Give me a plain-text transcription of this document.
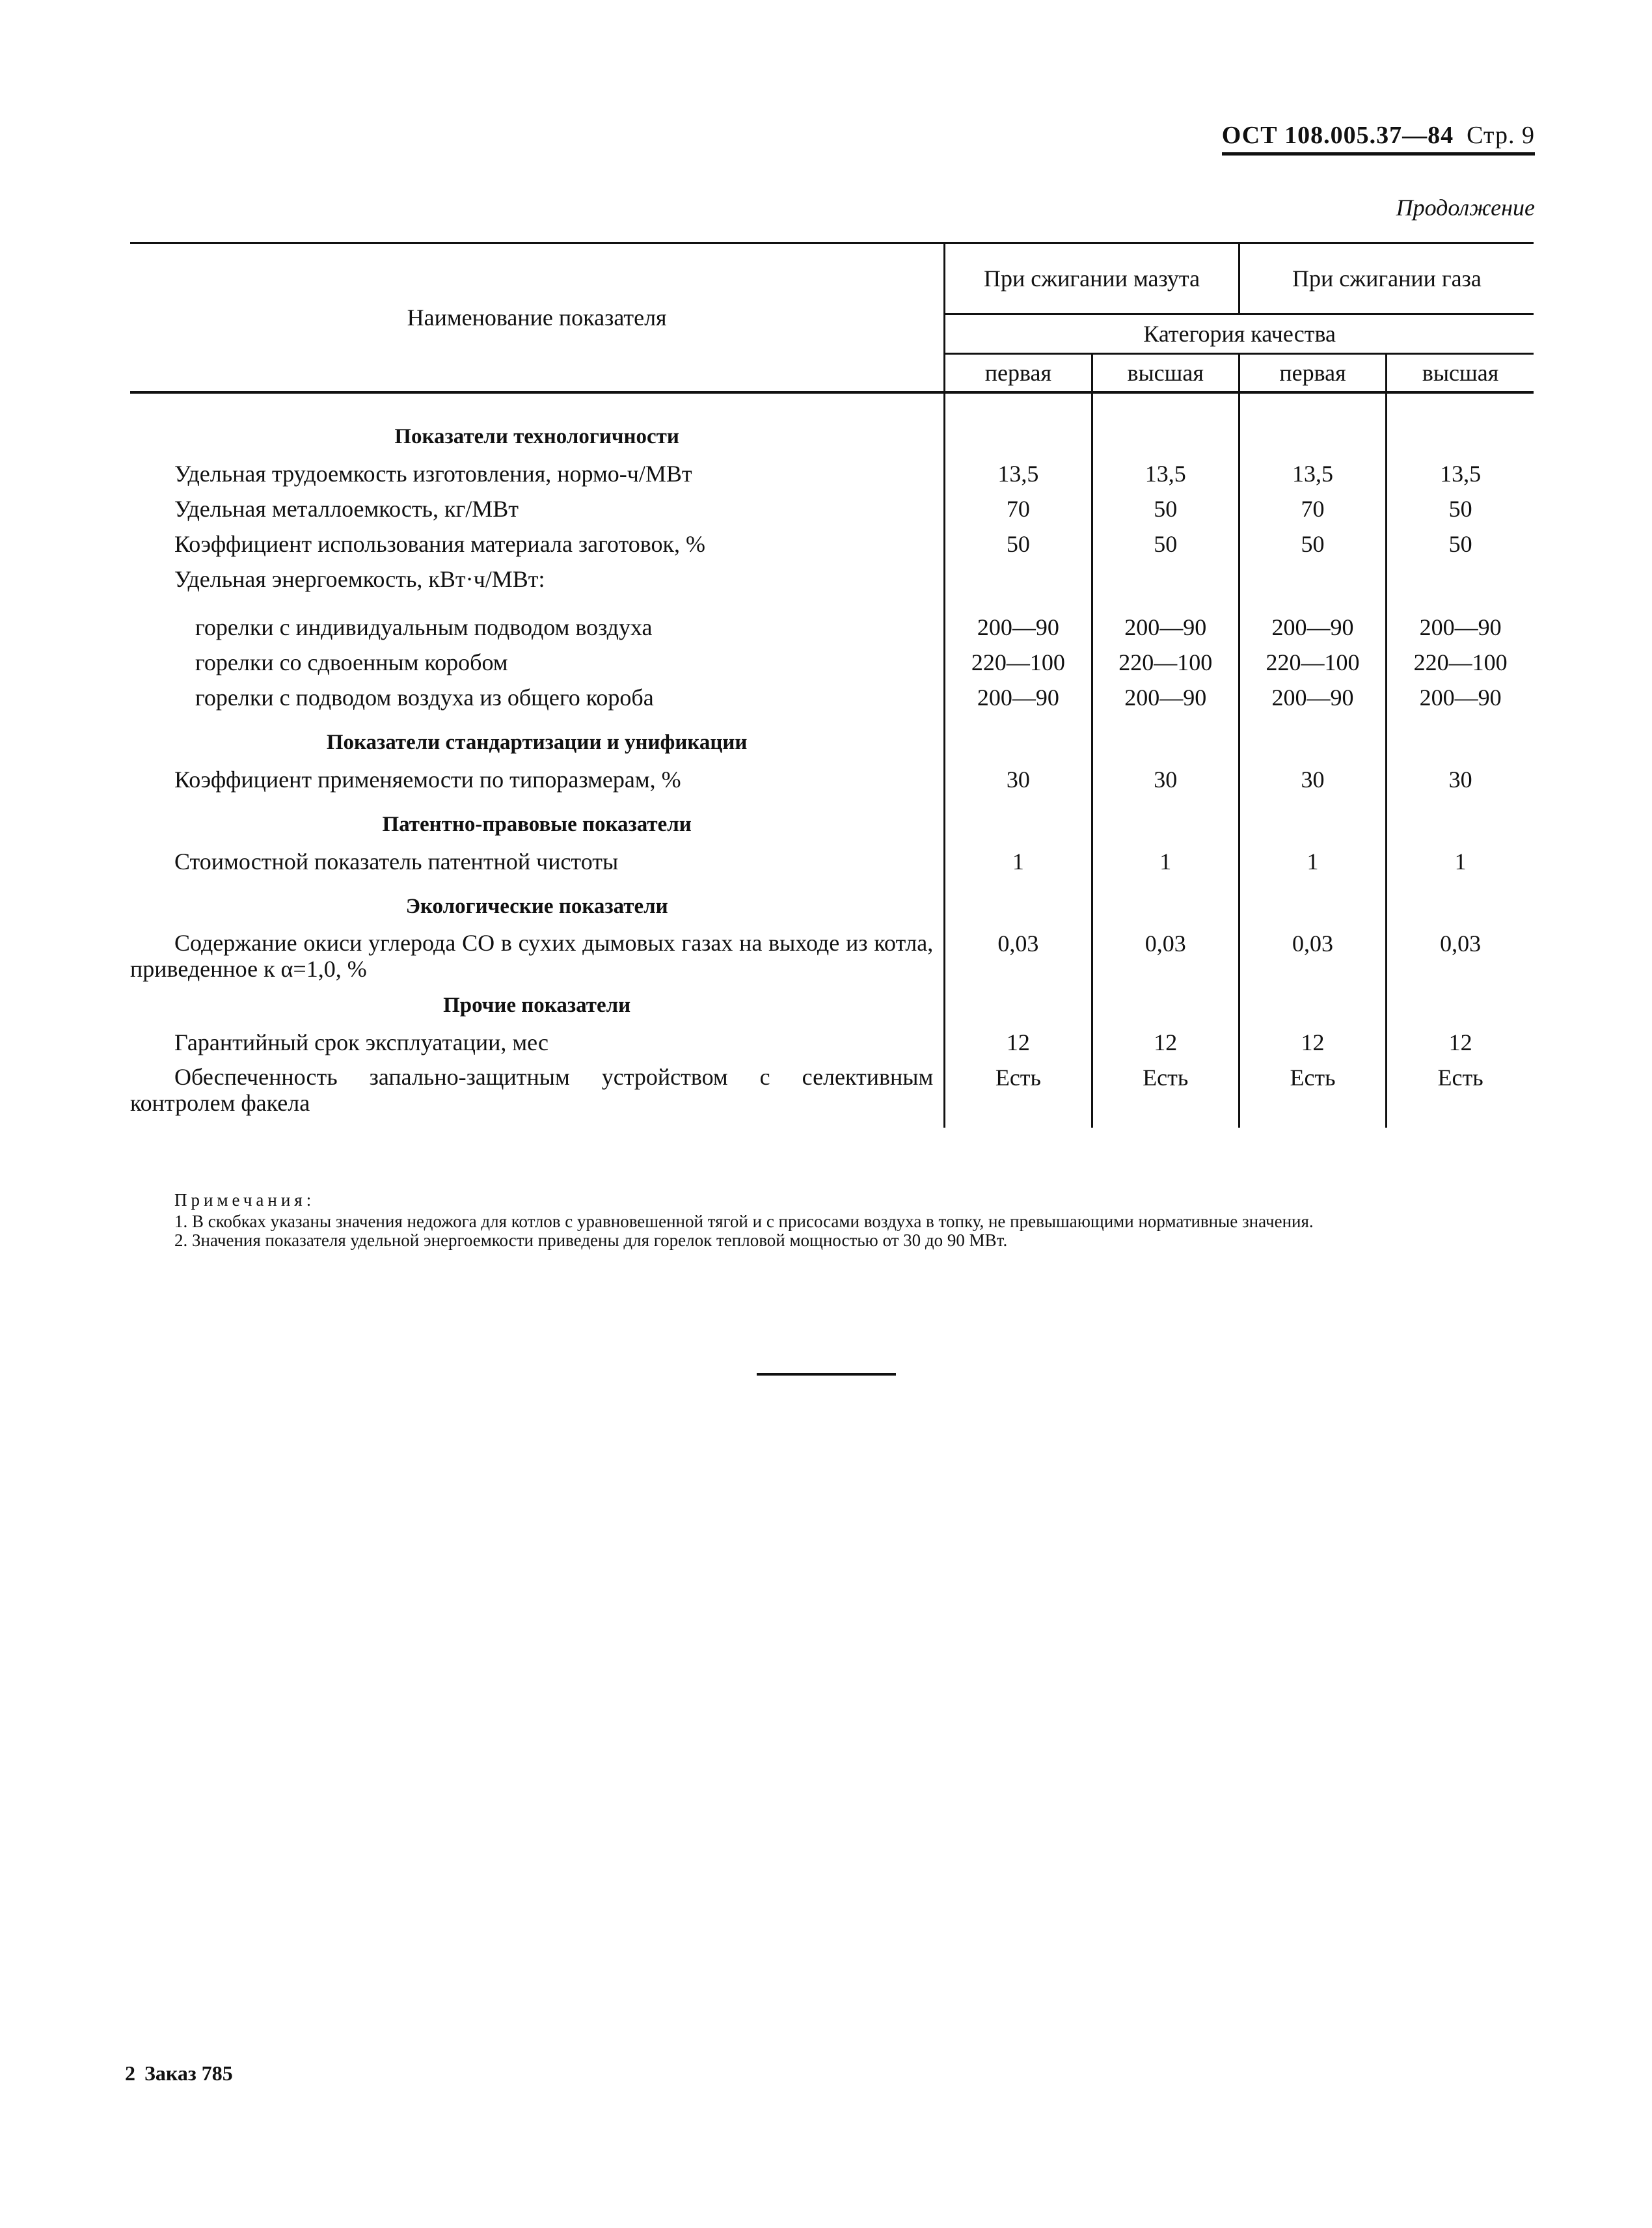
ОСТ 108.005.37—84 Стр. 9
Продолжение
Наименование показателя	При сжигании мазута		При сжигании газа	
	Категория качества			
	первая	высшая	первая	высшая

Показатели технологичности				
Удельная трудоемкость изготовления, нормо-ч/МВт	13,5	13,5	13,5	13,5
Удельная металлоемкость, кг/МВт	70	50	70	50
Коэффициент использования материала заготовок, %	50	50	50	50
Удельная энергоемкость, кВт·ч/МВт:				
горелки с индивидуальным подводом воздуха	200—90	200—90	200—90	200—90
горелки со сдвоенным коробом	220—100	220—100	220—100	220—100
горелки с подводом воздуха из общего короба	200—90	200—90	200—90	200—90
Показатели стандартизации и унификации				
Коэффициент применяемости по типоразмерам, %	30	30	30	30
Патентно-правовые показатели				
Стоимостной показатель патентной чистоты	1	1	1	1
Экологические показатели				
Содержание окиси углерода CO в сухих дымовых газах на выходе из котла, приведенное к α=1,0, %	0,03	0,03	0,03	0,03
Прочие показатели				
Гарантийный срок эксплуатации, мес	12	12	12	12
Обеспеченность запально-защитным устройством с селективным контролем факела	Есть	Есть	Есть	Есть

Примечания:
1. В скобках указаны значения недожога для котлов с уравновешенной тягой и с присосами воздуха в топку, не превышающими нормативные значения.
2. Значения показателя удельной энергоемкости приведены для горелок тепловой мощностью от 30 до 90 МВт.
2 Заказ 785
